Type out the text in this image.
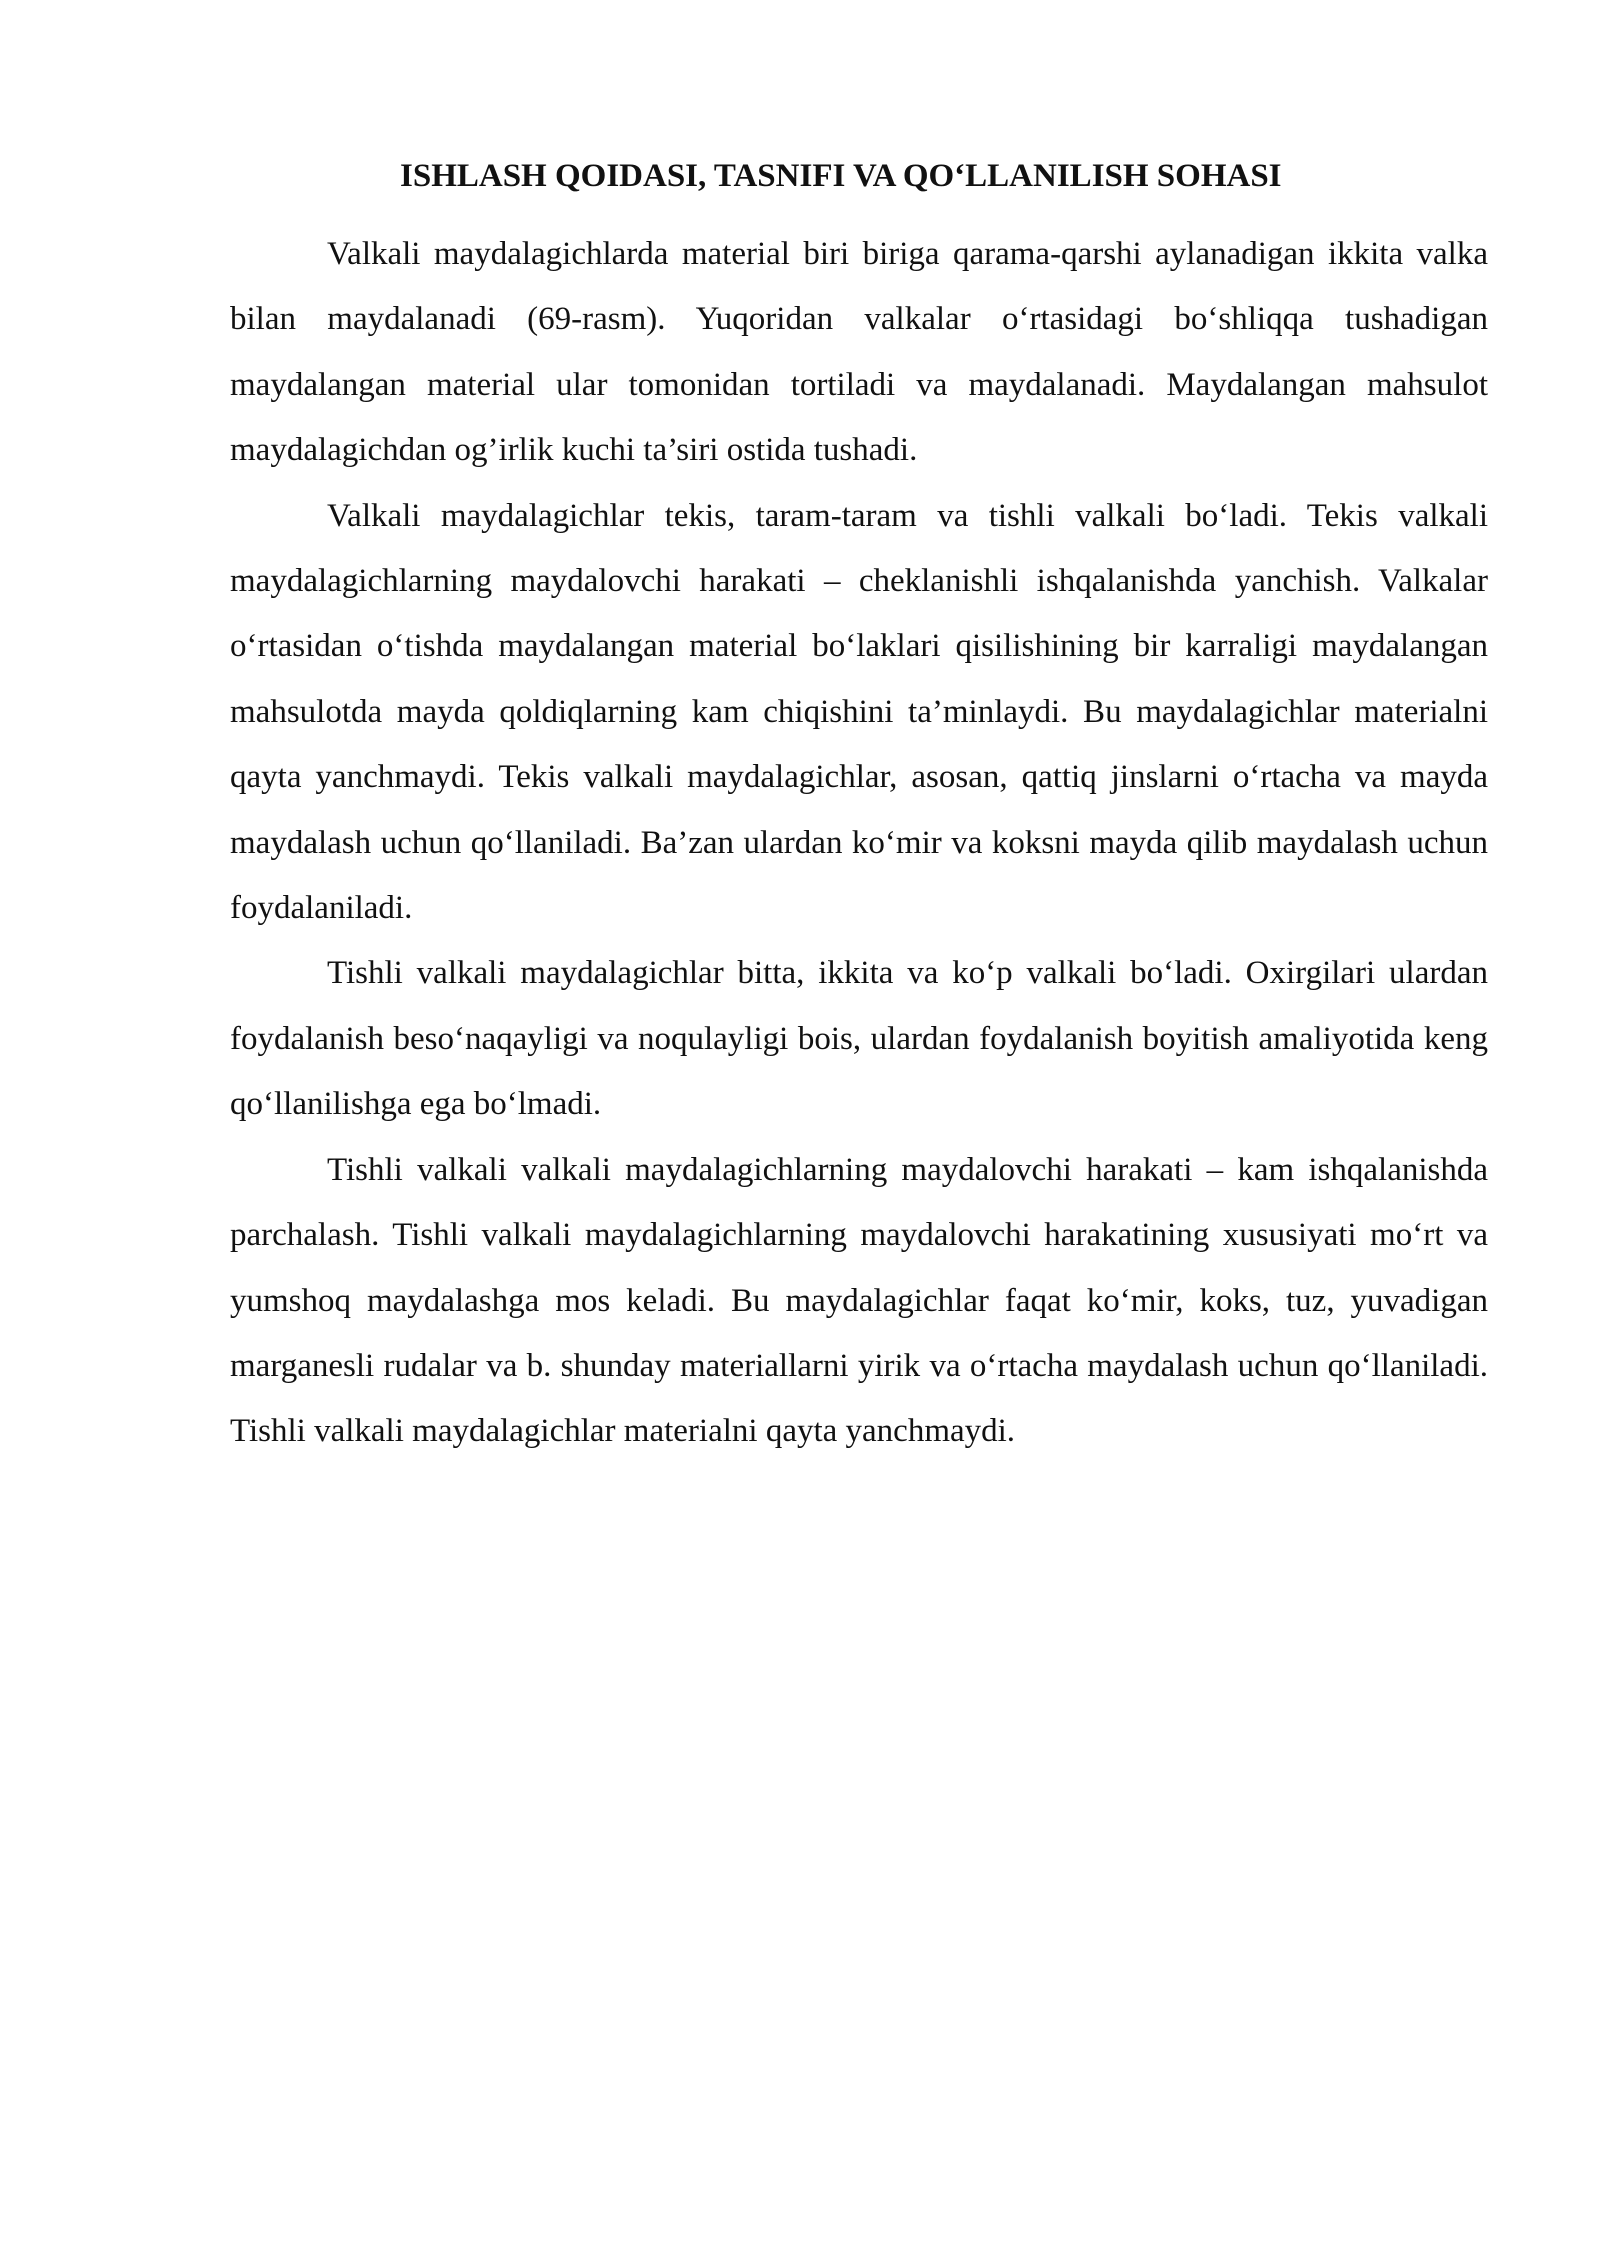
ISHLASH QOIDASI, TASNIFI VA QO‘LLANILISH SOHASI

Valkali maydalagichlarda material biri biriga qarama-qarshi aylanadigan ikkita valka bilan maydalanadi (69-rasm). Yuqoridan valkalar o‘rtasidagi bo‘shliqqa tushadigan maydalangan material ular tomonidan tortiladi va maydalanadi. Maydalangan mahsulot maydalagichdan og’irlik kuchi ta’siri ostida tushadi.

Valkali maydalagichlar tekis, taram-taram va tishli valkali bo‘ladi. Tekis valkali maydalagichlarning maydalovchi harakati – cheklanishli ishqalanishda yanchish. Valkalar o‘rtasidan o‘tishda maydalangan material bo‘laklari qisilishining bir karraligi maydalangan mahsulotda mayda qoldiqlarning kam chiqishini ta’minlaydi. Bu maydalagichlar materialni qayta yanchmaydi. Tekis valkali maydalagichlar, asosan, qattiq jinslarni o‘rtacha va mayda maydalash uchun qo‘llaniladi. Ba’zan ulardan ko‘mir va koksni mayda qilib maydalash uchun foydalaniladi.

Tishli valkali maydalagichlar bitta, ikkita va ko‘p valkali bo‘ladi. Oxirgilari ulardan foydalanish beso‘naqayligi va noqulayligi bois, ulardan foydalanish boyitish amaliyotida keng qo‘llanilishga ega bo‘lmadi.

Tishli valkali valkali maydalagichlarning maydalovchi harakati – kam ishqalanishda parchalash. Tishli valkali maydalagichlarning maydalovchi harakatining xususiyati mo‘rt va yumshoq maydalashga mos keladi. Bu maydalagichlar faqat ko‘mir, koks, tuz, yuvadigan marganesli rudalar va b. shunday materiallarni yirik va o‘rtacha maydalash uchun qo‘llaniladi. Tishli valkali maydalagichlar materialni qayta yanchmaydi.
